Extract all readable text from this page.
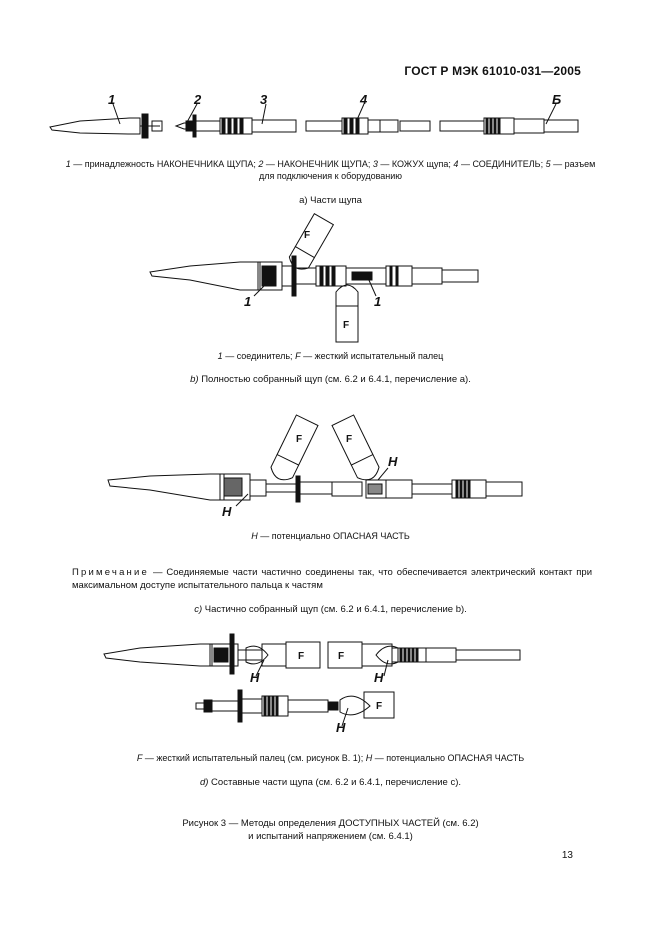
ГОСТ Р МЭК 61010-031—2005
1	2	3	4	Б
F
F
1	1
F	F
H
H
F	F
F
H	H
H
1 — принадлежность НАКОНЕЧНИКА ЩУПА; 2 — НАКОНЕЧНИК ЩУПА; 3 — КОЖУХ щупа; 4 — СОЕДИНИТЕЛЬ; 5 — разъем
для подключения к оборудованию
а) Части щупа
1 — соединитель; F — жесткий испытательный палец
b) Полностью собранный щуп (см. 6.2 и 6.4.1, перечисление а).
H — потенциально ОПАСНАЯ ЧАСТЬ
Примечание — Соединяемые части частично соединены так, что обеспечивается электрический контакт при максимальном доступе испытательного пальца к частям
c) Частично собранный щуп (см. 6.2 и 6.4.1, перечисление b).
F — жесткий испытательный палец (см. рисунок В. 1); H — потенциально ОПАСНАЯ ЧАСТЬ
d) Составные части щупа (см. 6.2 и 6.4.1, перечисление с).
Рисунок 3 — Методы определения ДОСТУПНЫХ ЧАСТЕЙ (см. 6.2)
и испытаний напряжением (см. 6.4.1)
13
